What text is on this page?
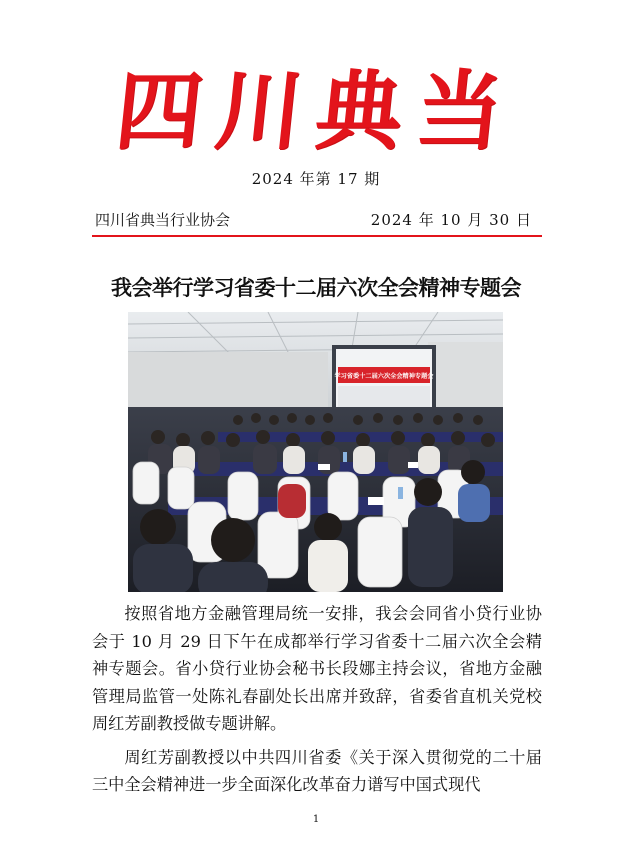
四川典当
2024 年第 17 期
四川省典当行业协会	2024 年 10 月 30 日
我会举行学习省委十二届六次全会精神专题会
学习省委十二届六次全会精神专题会

按照省地方金融管理局统一安排，我会会同省小贷行业协会于 10 月 29 日下午在成都举行学习省委十二届六次全会精神专题会。省小贷行业协会秘书长段娜主持会议，省地方金融管理局监管一处陈礼春副处长出席并致辞，省委省直机关党校周红芳副教授做专题讲解。

周红芳副教授以中共四川省委《关于深入贯彻党的二十届三中全会精神进一步全面深化改革奋力谱写中国式现代

1
